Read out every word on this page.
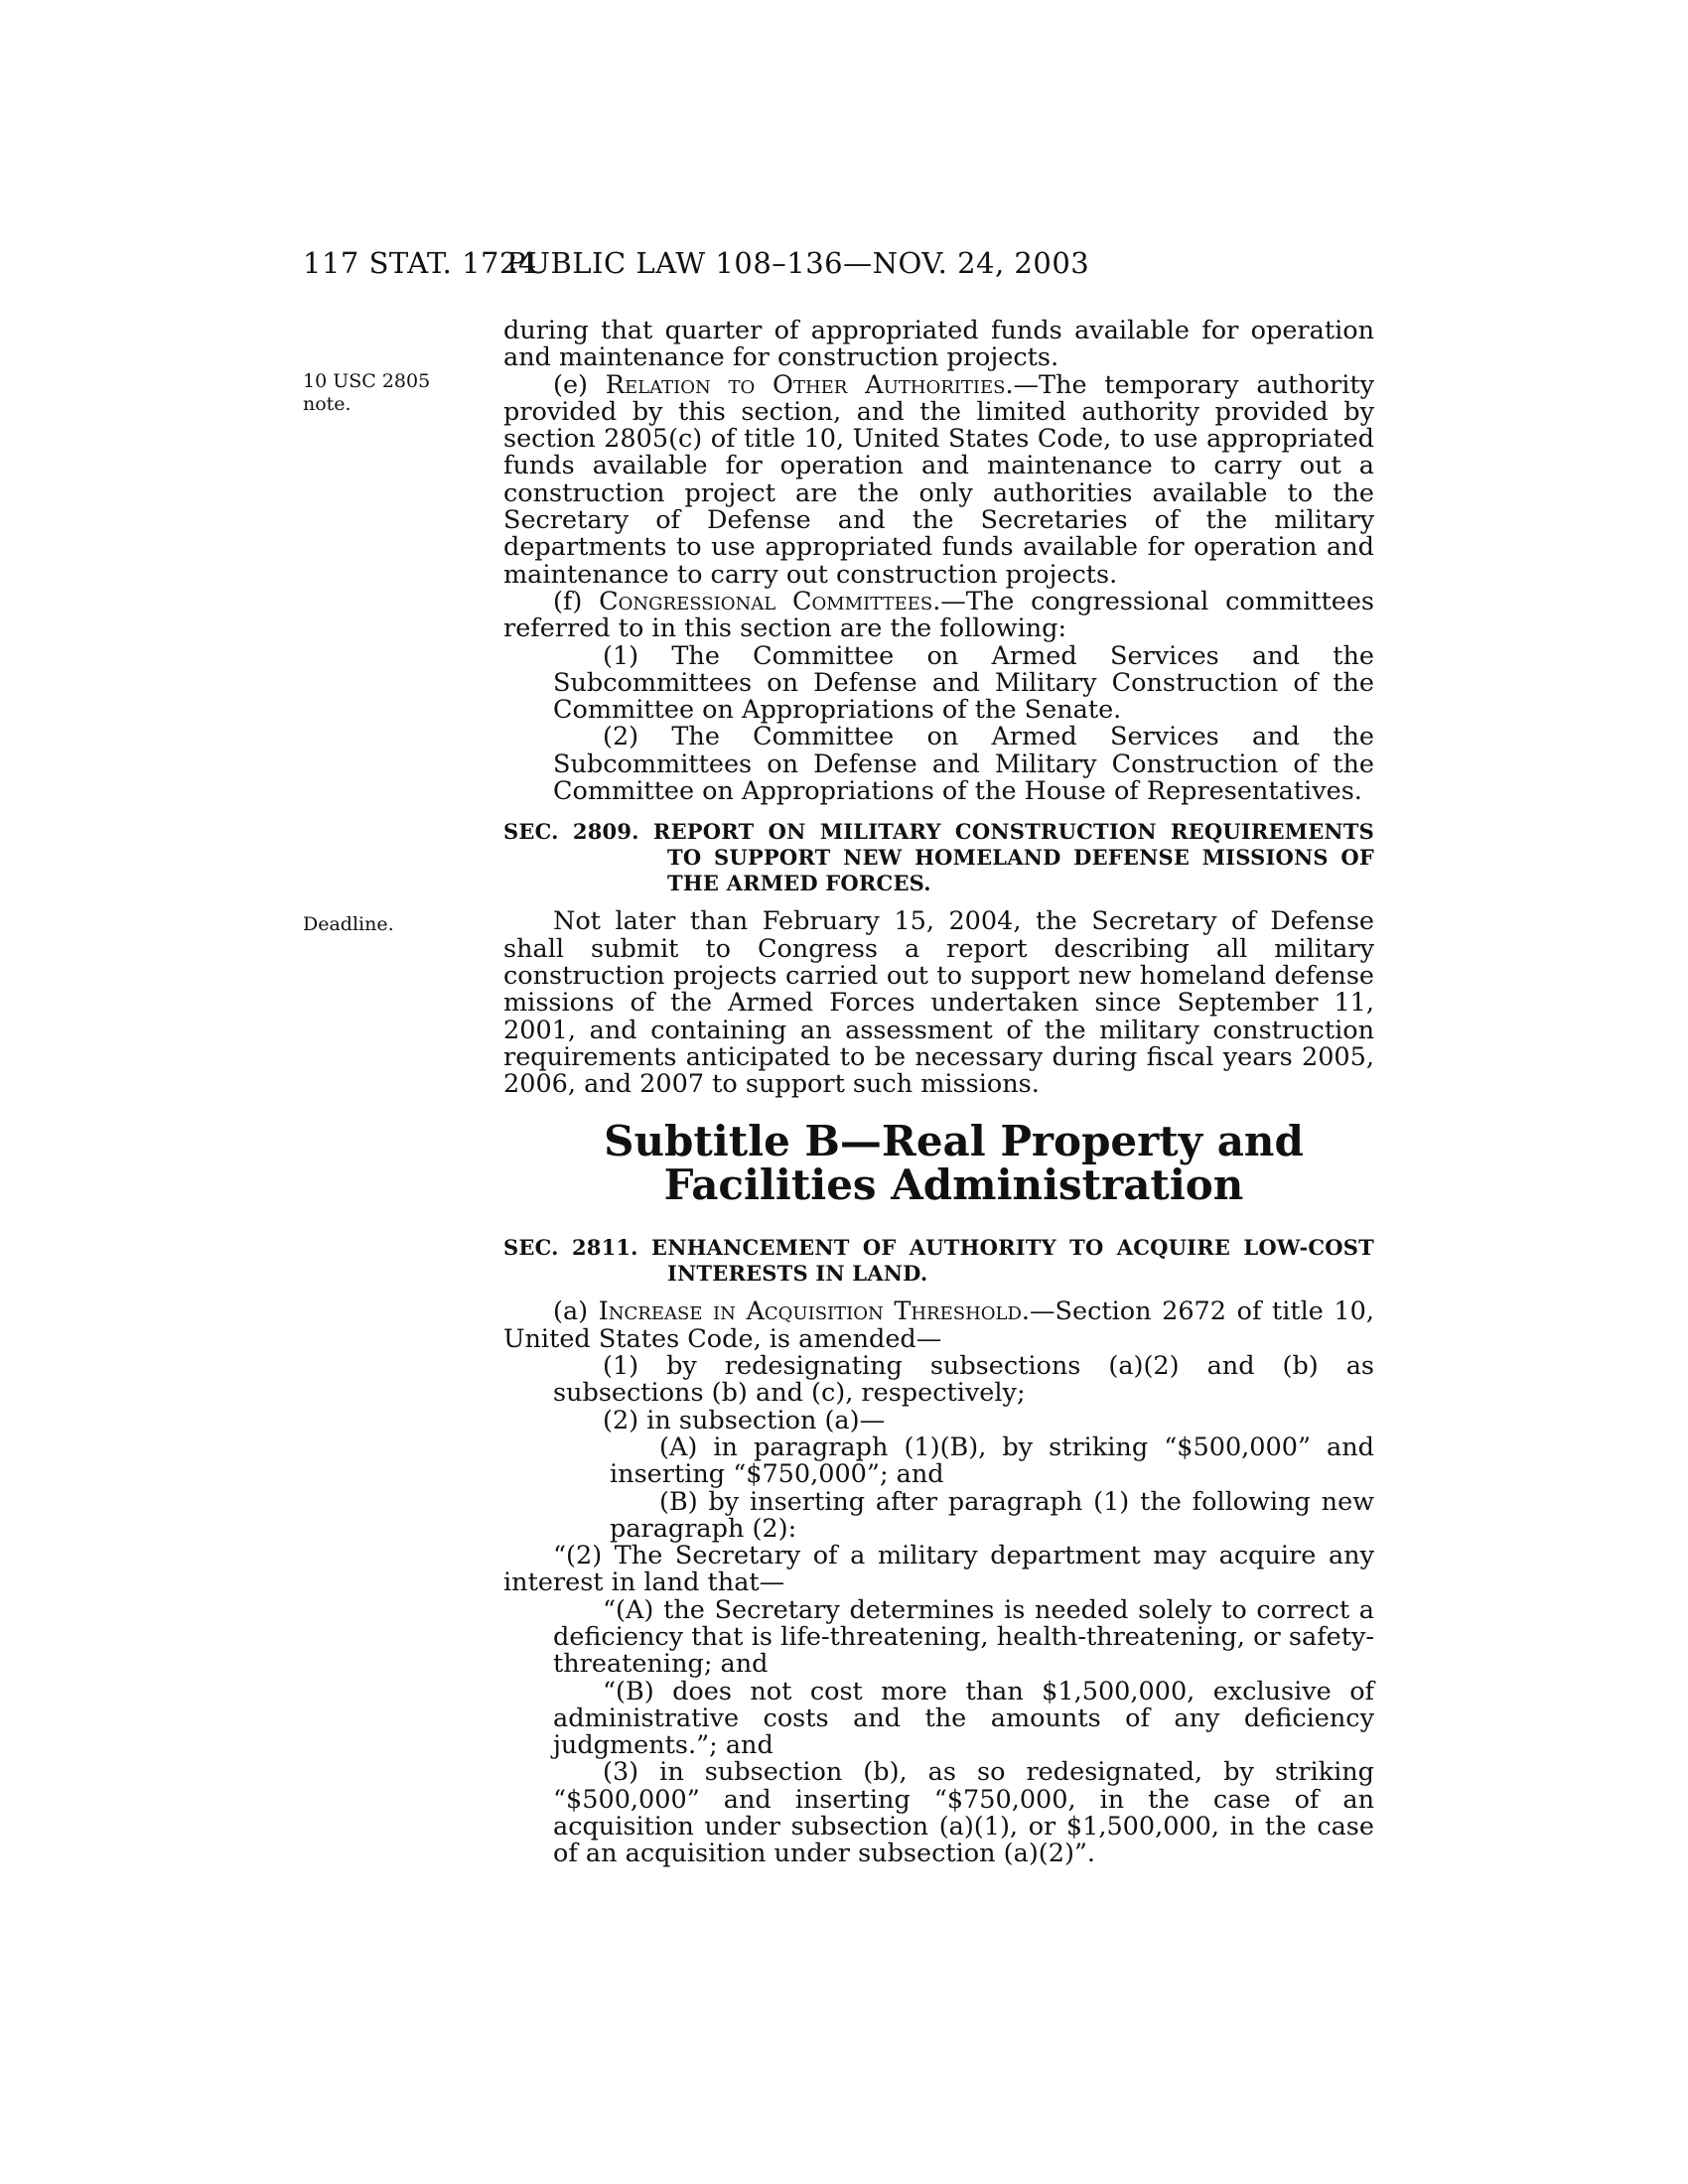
117 STAT. 1724
PUBLIC LAW 108–136—NOV. 24, 2003
10 USC 2805
note.
Deadline.

during that quarter of appropriated funds available for operation and maintenance for construction projects.

(e) Relation to Other Authorities.—The temporary authority provided by this section, and the limited authority provided by section 2805(c) of title 10, United States Code, to use appropriated funds available for operation and maintenance to carry out a construction project are the only authorities available to the Secretary of Defense and the Secretaries of the military departments to use appropriated funds available for operation and maintenance to carry out construction projects.

(f) Congressional Committees.—The congressional committees referred to in this section are the following:

(1) The Committee on Armed Services and the Subcommittees on Defense and Military Construction of the Committee on Appropriations of the Senate.

(2) The Committee on Armed Services and the Subcommittees on Defense and Military Construction of the Committee on Appropriations of the House of Representatives.

SEC. 2809. REPORT ON MILITARY CONSTRUCTION REQUIREMENTS TO SUPPORT NEW HOMELAND DEFENSE MISSIONS OF THE ARMED FORCES.

Not later than February 15, 2004, the Secretary of Defense shall submit to Congress a report describing all military construction projects carried out to support new homeland defense missions of the Armed Forces undertaken since September 11, 2001, and containing an assessment of the military construction requirements anticipated to be necessary during fiscal years 2005, 2006, and 2007 to support such missions.

Subtitle B—Real Property and Facilities Administration

SEC. 2811. ENHANCEMENT OF AUTHORITY TO ACQUIRE LOW-COST INTERESTS IN LAND.

(a) Increase in Acquisition Threshold.—Section 2672 of title 10, United States Code, is amended—

(1) by redesignating subsections (a)(2) and (b) as subsections (b) and (c), respectively;

(2) in subsection (a)—

(A) in paragraph (1)(B), by striking “$500,000” and inserting “$750,000”; and

(B) by inserting after paragraph (1) the following new paragraph (2):

“(2) The Secretary of a military department may acquire any interest in land that—

“(A) the Secretary determines is needed solely to correct a deficiency that is life-threatening, health-threatening, or safety-threatening; and

“(B) does not cost more than $1,500,000, exclusive of administrative costs and the amounts of any deficiency judgments.”; and

(3) in subsection (b), as so redesignated, by striking “$500,000” and inserting “$750,000, in the case of an acquisition under subsection (a)(1), or $1,500,000, in the case of an acquisition under subsection (a)(2)”.
